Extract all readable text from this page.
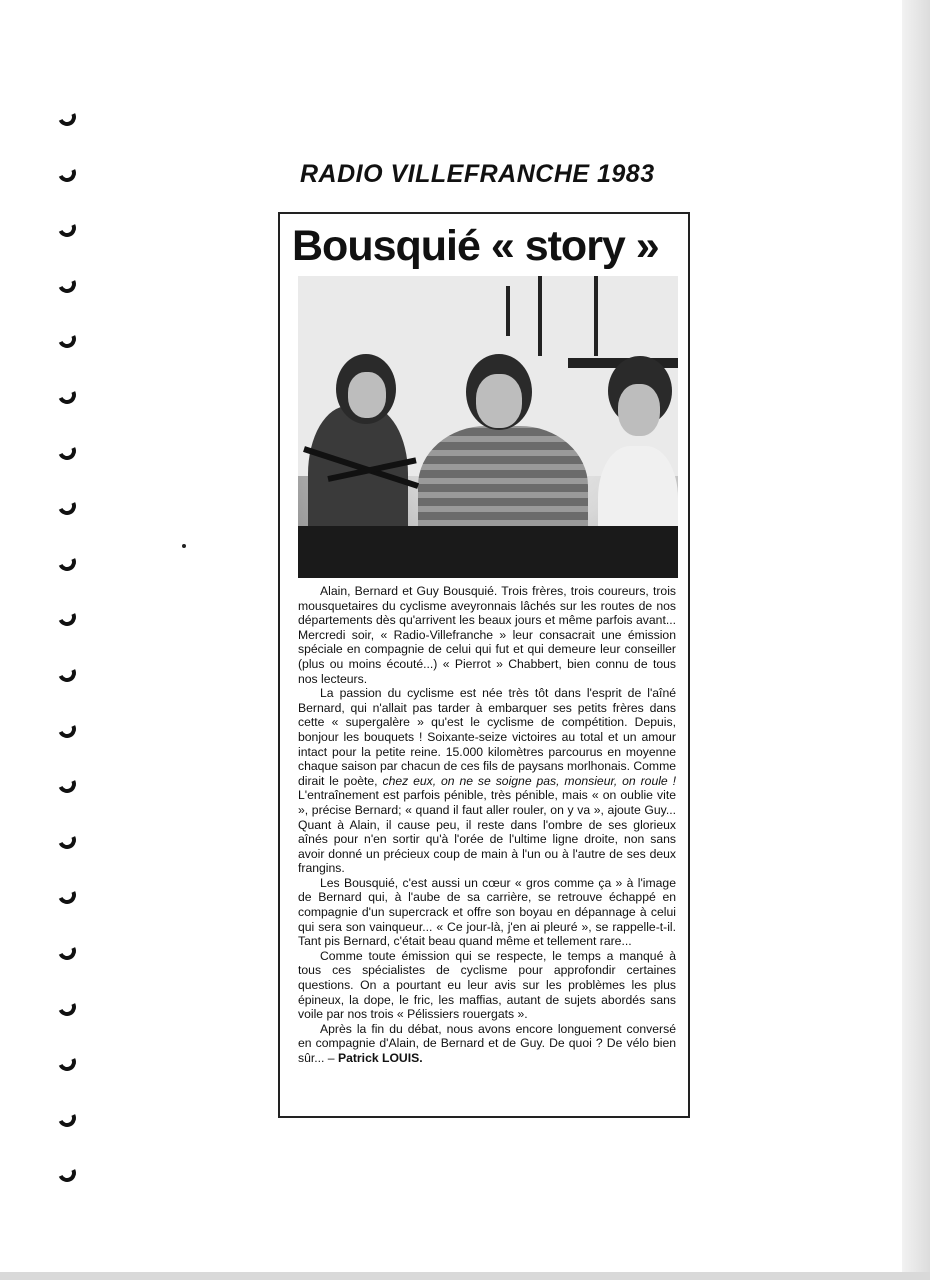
RADIO VILLEFRANCHE 1983
Bousquié « story »

Alain, Bernard et Guy Bousquié. Trois frères, trois coureurs, trois mousquetaires du cyclisme aveyronnais lâchés sur les routes de nos départements dès qu'arrivent les beaux jours et même parfois avant... Mercredi soir, « Radio-Villefranche » leur consacrait une émission spéciale en compagnie de celui qui fut et qui demeure leur conseiller (plus ou moins écouté...) « Pierrot » Chabbert, bien connu de tous nos lecteurs.

La passion du cyclisme est née très tôt dans l'esprit de l'aîné Bernard, qui n'allait pas tarder à embarquer ses petits frères dans cette « supergalère » qu'est le cyclisme de compétition. Depuis, bonjour les bouquets ! Soixante-seize victoires au total et un amour intact pour la petite reine. 15.000 kilomètres parcourus en moyenne chaque saison par chacun de ces fils de paysans morlhonais. Comme dirait le poète, chez eux, on ne se soigne pas, monsieur, on roule ! L'entraînement est parfois pénible, très pénible, mais « on oublie vite », précise Bernard; « quand il faut aller rouler, on y va », ajoute Guy... Quant à Alain, il cause peu, il reste dans l'ombre de ses glorieux aînés pour n'en sortir qu'à l'orée de l'ultime ligne droite, non sans avoir donné un précieux coup de main à l'un ou à l'autre de ses deux frangins.

Les Bousquié, c'est aussi un cœur « gros comme ça » à l'image de Bernard qui, à l'aube de sa carrière, se retrouve échappé en compagnie d'un supercrack et offre son boyau en dépannage à celui qui sera son vainqueur... « Ce jour-là, j'en ai pleuré », se rappelle-t-il. Tant pis Bernard, c'était beau quand même et tellement rare...

Comme toute émission qui se respecte, le temps a manqué à tous ces spécialistes de cyclisme pour approfondir certaines questions. On a pourtant eu leur avis sur les problèmes les plus épineux, la dope, le fric, les maffias, autant de sujets abordés sans voile par nos trois « Pélissiers rouergats ».

Après la fin du débat, nous avons encore longuement conversé en compagnie d'Alain, de Bernard et de Guy. De quoi ? De vélo bien sûr... – Patrick LOUIS.
